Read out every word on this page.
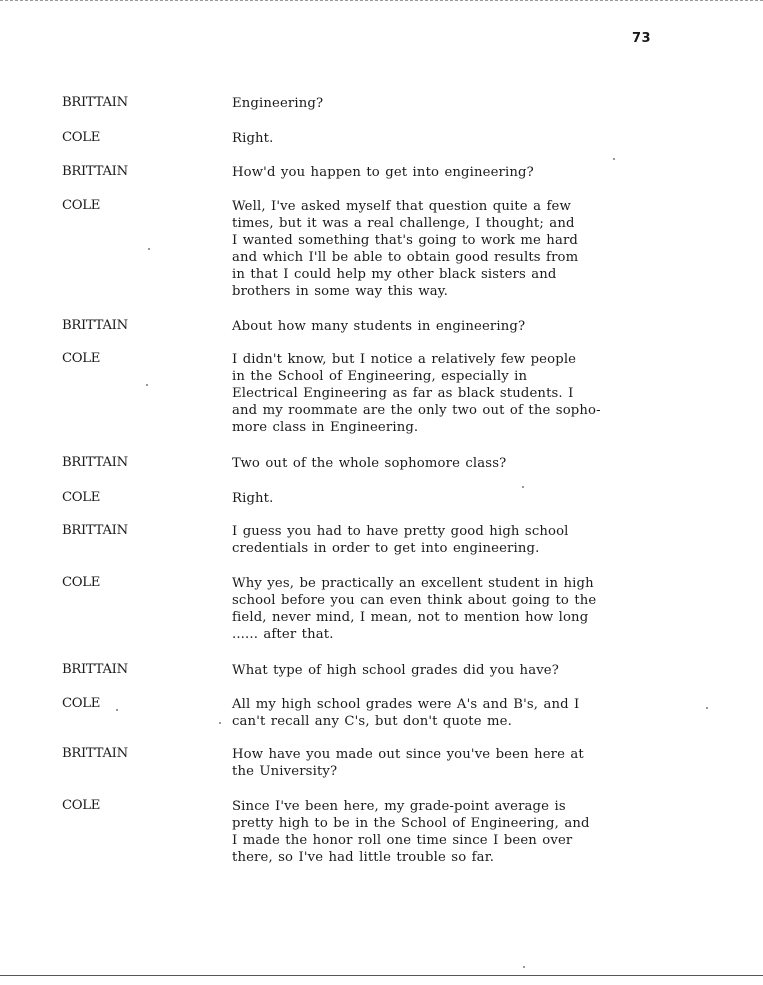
73
BRITTAIN	Engineering?
COLE	Right.
BRITTAIN	How'd you happen to get into engineering?
COLE	Well, I've asked myself that question quite a few
times, but it was a real challenge, I thought; and
I wanted something that's going to work me hard
and which I'll be able to obtain good results from
in that I could help my other black sisters and
brothers in some way this way.
BRITTAIN	About how many students in engineering?
COLE	I didn't know, but I notice a relatively few people
in the School of Engineering, especially in
Electrical Engineering as far as black students. I
and my roommate are the only two out of the sopho-
more class in Engineering.
BRITTAIN	Two out of the whole sophomore class?
COLE	Right.
BRITTAIN	I guess you had to have pretty good high school
credentials in order to get into engineering.
COLE	Why yes, be practically an excellent student in high
school before you can even think about going to the
field, never mind, I mean, not to mention how long
...... after that.
BRITTAIN	What type of high school grades did you have?
COLE	All my high school grades were A's and B's, and I
can't recall any C's, but don't quote me.
BRITTAIN	How have you made out since you've been here at
the University?
COLE	Since I've been here, my grade-point average is
pretty high to be in the School of Engineering, and
I made the honor roll one time since I been over
there, so I've had little trouble so far.
